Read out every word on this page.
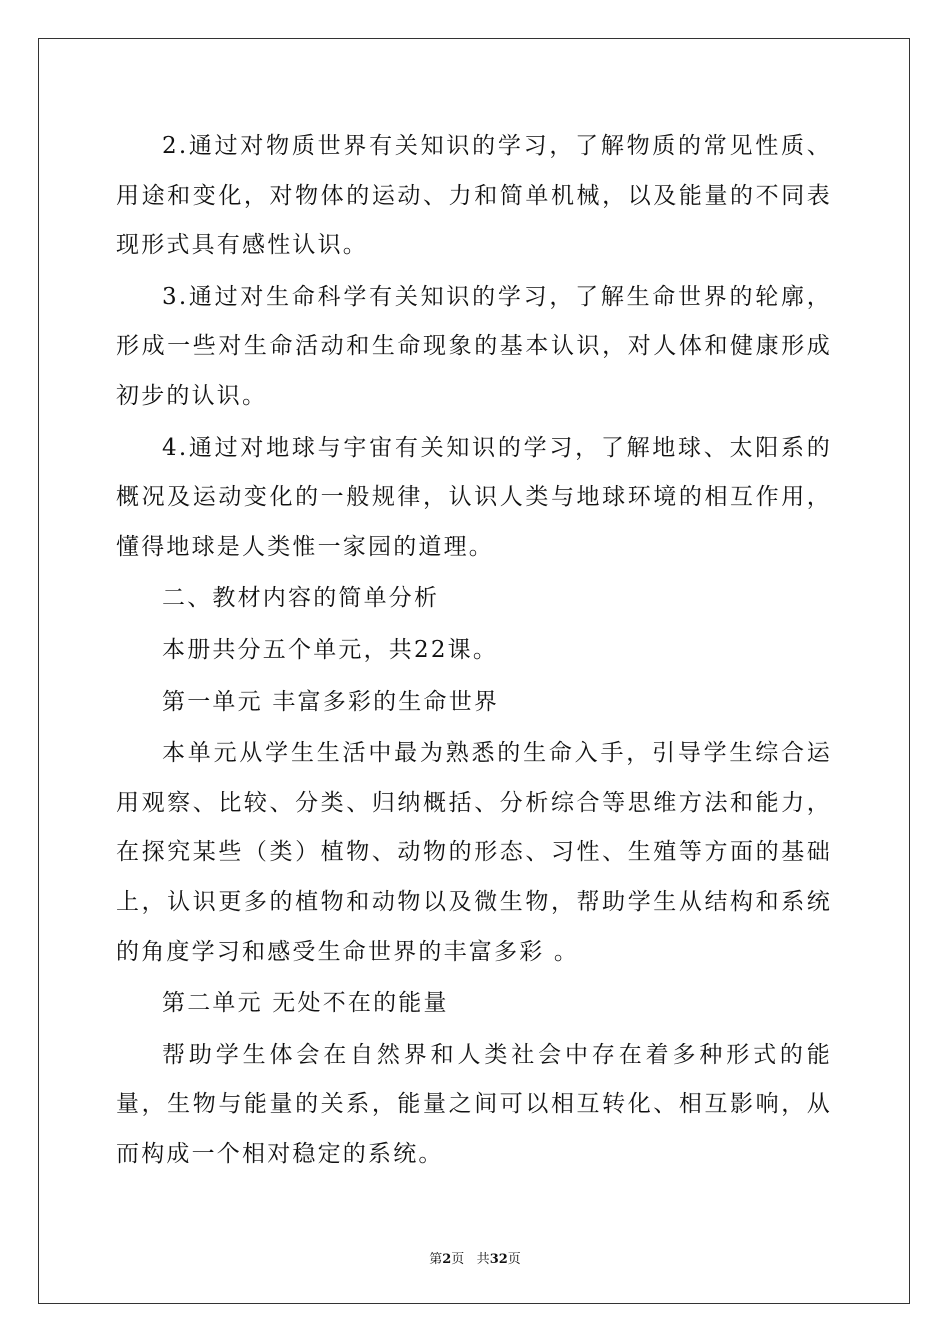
2.通过对物质世界有关知识的学习，了解物质的常见性质、用途和变化，对物体的运动、力和简单机械，以及能量的不同表现形式具有感性认识。

3.通过对生命科学有关知识的学习，了解生命世界的轮廓，形成一些对生命活动和生命现象的基本认识，对人体和健康形成初步的认识。

4.通过对地球与宇宙有关知识的学习，了解地球、太阳系的概况及运动变化的一般规律，认识人类与地球环境的相互作用，懂得地球是人类惟一家园的道理。

二、教材内容的简单分析

本册共分五个单元，共22课。

第一单元 丰富多彩的生命世界

本单元从学生生活中最为熟悉的生命入手，引导学生综合运用观察、比较、分类、归纳概括、分析综合等思维方法和能力，在探究某些（类）植物、动物的形态、习性、生殖等方面的基础上，认识更多的植物和动物以及微生物，帮助学生从结构和系统的角度学习和感受生命世界的丰富多彩 。

第二单元 无处不在的能量

帮助学生体会在自然界和人类社会中存在着多种形式的能量，生物与能量的关系，能量之间可以相互转化、相互影响，从而构成一个相对稳定的系统。

第2页 共32页
